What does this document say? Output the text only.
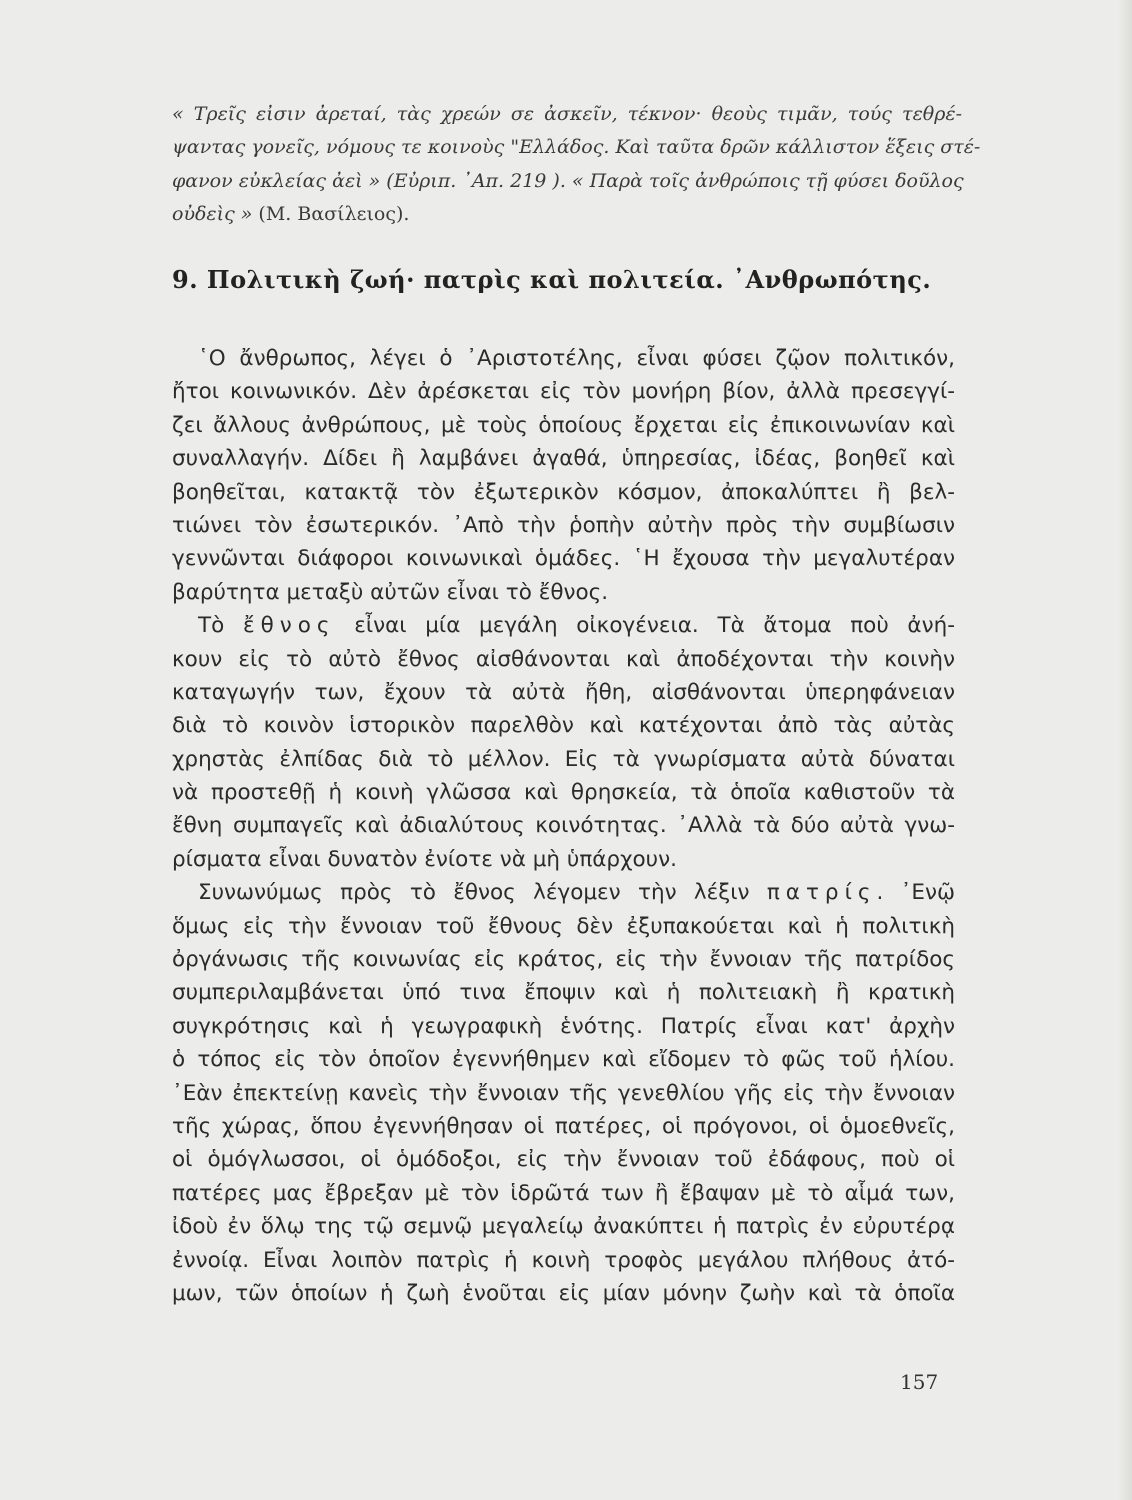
« Τρεῖς εἰσιν ἀρεταί, τὰς χρεών σε ἀσκεῖν, τέκνον· θεοὺς τιμᾶν, τούς τεθρέ-
ψαντας γονεῖς, νόμους τε κοινοὺς "Ελλάδος. Καὶ ταῦτα δρῶν κάλλιστον ἕξεις στέ-
φανον εὐκλείας ἀεὶ » (Εὐριπ. ᾿Απ. 219 ). « Παρὰ τοῖς ἀνθρώποις τῇ φύσει δοῦλος
οὐδεὶς » (Μ. Βασίλειος).
9. Πολιτικὴ ζωή· πατρὶς καὶ πολιτεία. ᾿Ανθρωπότης.
῾Ο ἄνθρωπος, λέγει ὁ ᾿Αριστοτέλης, εἶναι φύσει ζῷον πολιτικόν,
ἤτοι κοινωνικόν. Δὲν ἀρέσκεται εἰς τὸν μονήρη βίον, ἀλλὰ πρεσεγγί-
ζει ἄλλους ἀνθρώπους, μὲ τοὺς ὁποίους ἔρχεται εἰς ἐπικοινωνίαν καὶ
συναλλαγήν. Δίδει ἢ λαμβάνει ἀγαθά, ὑπηρεσίας, ἰδέας, βοηθεῖ καὶ
βοηθεῖται, κατακτᾷ τὸν ἐξωτερικὸν κόσμον, ἀποκαλύπτει ἢ βελ-
τιώνει τὸν ἐσωτερικόν. ᾿Απὸ τὴν ῥοπὴν αὐτὴν πρὸς τὴν συμβίωσιν
γεννῶνται διάφοροι κοινωνικαὶ ὁμάδες. ῾Η ἔχουσα τὴν μεγαλυτέραν
βαρύτητα μεταξὺ αὐτῶν εἶναι τὸ ἔθνος.
Τὸ ἔθνος εἶναι μία μεγάλη οἰκογένεια. Τὰ ἄτομα ποὺ ἀνή-
κουν εἰς τὸ αὐτὸ ἔθνος αἰσθάνονται καὶ ἀποδέχονται τὴν κοινὴν
καταγωγήν των, ἔχουν τὰ αὐτὰ ἤθη, αἰσθάνονται ὑπερηφάνειαν
διὰ τὸ κοινὸν ἱστορικὸν παρελθὸν καὶ κατέχονται ἀπὸ τὰς αὐτὰς
χρηστὰς ἐλπίδας διὰ τὸ μέλλον. Εἰς τὰ γνωρίσματα αὐτὰ δύναται
νὰ προστεθῇ ἡ κοινὴ γλῶσσα καὶ θρησκεία, τὰ ὁποῖα καθιστοῦν τὰ
ἔθνη συμπαγεῖς καὶ ἀδιαλύτους κοινότητας. ᾿Αλλὰ τὰ δύο αὐτὰ γνω-
ρίσματα εἶναι δυνατὸν ἐνίοτε νὰ μὴ ὑπάρχουν.
Συνωνύμως πρὸς τὸ ἔθνος λέγομεν τὴν λέξιν πατρίς. ᾿Ενῷ
ὅμως εἰς τὴν ἔννοιαν τοῦ ἔθνους δὲν ἐξυπακούεται καὶ ἡ πολιτικὴ
ὀργάνωσις τῆς κοινωνίας εἰς κράτος, εἰς τὴν ἔννοιαν τῆς πατρίδος
συμπεριλαμβάνεται ὑπό τινα ἔποψιν καὶ ἡ πολιτειακὴ ἢ κρατικὴ
συγκρότησις καὶ ἡ γεωγραφικὴ ἑνότης. Πατρίς εἶναι κατ' ἀρχὴν
ὁ τόπος εἰς τὸν ὁποῖον ἐγεννήθημεν καὶ εἴδομεν τὸ φῶς τοῦ ἡλίου.
᾿Εὰν ἐπεκτείνῃ κανεὶς τὴν ἔννοιαν τῆς γενεθλίου γῆς εἰς τὴν ἔννοιαν
τῆς χώρας, ὅπου ἐγεννήθησαν οἱ πατέρες, οἱ πρόγονοι, οἱ ὁμοεθνεῖς,
οἱ ὁμόγλωσσοι, οἱ ὁμόδοξοι, εἰς τὴν ἔννοιαν τοῦ ἐδάφους, ποὺ οἱ
πατέρες μας ἔβρεξαν μὲ τὸν ἱδρῶτά των ἢ ἔβαψαν μὲ τὸ αἷμά των,
ἰδοὺ ἐν ὅλῳ της τῷ σεμνῷ μεγαλείῳ ἀνακύπτει ἡ πατρὶς ἐν εὐρυτέρᾳ
ἐννοίᾳ. Εἶναι λοιπὸν πατρὶς ἡ κοινὴ τροφὸς μεγάλου πλήθους ἀτό-
μων, τῶν ὁποίων ἡ ζωὴ ἑνοῦται εἰς μίαν μόνην ζωὴν καὶ τὰ ὁποῖα
157
